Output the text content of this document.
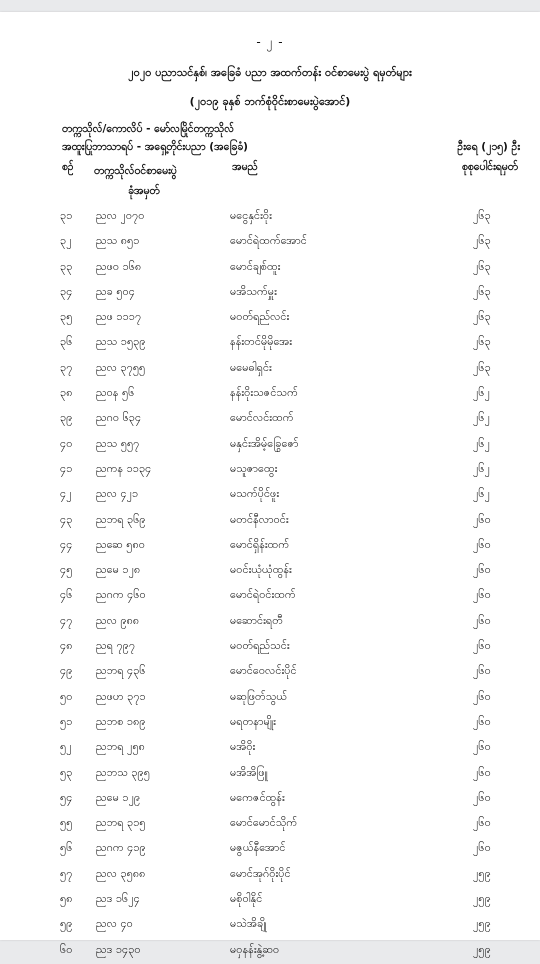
- ၂ -
၂၀၂၀ ပညာသင်နှစ်၊ အခြေခံ ပညာ အထက်တန်း ဝင်စာမေးပွဲ ရမှတ်များ
(၂၀၁၉ ခုနှစ် ဘက်စုံဝိုင်းစာမေးပွဲအောင်)
တက္ကသိုလ်/ကောလိပ် - မော်လမြိုင်တက္ကသိုလ်
အထူးပြုဘာသာရပ် - အရှေ့တိုင်းပညာ (အခြေခံ)	ဦးရေ (၂၁၅) ဦး
စဉ် တက္ကသိုလ်ဝင်စာမေးပွဲ
ခုံအမှတ်
အမည်	စုစုပေါင်းရမှတ်
၃၁	ညလ ၂၀၇၀	မငွေနှင်းဝိုး	၂၆၃
၃၂	ညသ ၈၅၁	မောင်ရဲထက်အောင်	၂၆၃
၃၃	ညဖ၀ ၁၆၈	မောင်ချစ်ထူး	၂၆၃
၃၄	ညခ ၅၀၄	မအိသက်မှူး	၂၆၃
၃၅	ညဖ ၁၁၁၇	မဝတ်ရည်လင်း	၂၆၃
၃၆	ညသ ၁၅၃၉	နန်းတင်မိုမိုအေး	၂၆၃
၃၇	ညလ ၃၇၅၅	မမေဓါရှင်း	၂၆၃
၃၈	ညဝန ၅၆	နန်းဝိုးသဇင်သက်	၂၆၂
၃၉	ညဂ၀ ၆၃၄	မောင်လင်းထက်	၂၆၂
၄၀	ညသ ၅၅၇	မနှင်းအိမ့်ခြွေဇော်	၂၆၂
၄၁	ညကန ၁၁၃၄	မသူဇာထွေး	၂၆၂
၄၂	ညလ ၄၂၁	မသက်ပိုင်ဖူး	၂၆၂
၄၃	ညဘရ ၃၆၉	မတင်နီလာဝင်း	၂၆၀
၄၄	ညဆေ ၅၈၀	မောင်ရှိန်းထက်	၂၆၀
၄၅	ညမေ ၁၂၈	မဝင်းယုံယုံထွန်း	၂၆၀
၄၆	ညဂက ၄၆၀	မောင်ရဲဝင်းထက်	၂၆၀
၄၇	ညလ ၉၈၈	မဆောင်းရတီ	၂၆၀
၄၈	ညရ ၇၉၇	မဝတ်ရည်သင်း	၂၆၀
၄၉	ညဘရ ၄၃၆	မောင်ဝေလင်းပိုင်	၂၆၀
၅၀	ညဖဟ ၃၇၁	မဆုဖြတ်သွယ်	၂၆၀
၅၁	ညဘစ ၁၈၉	မရတနာမျိုး	၂၆၀
၅၂	ညဘရ ၂၅၈	မအိဝိုး	၂၆၀
၅၃	ညဘသ ၃၉၅	မအိအိဖြူ	၂၆၀
၅၄	ညမေ ၁၂၉	မကေဇင်ထွန်း	၂၆၀
၅၅	ညဘရ ၃၁၅	မောင်မောင်သိုက်	၂၆၀
၅၆	ညဂက ၄၁၉	မဇွယ်နီအောင်	၂၆၀
၅၇	ညလ ၃၅၈၈	မောင်အုဂ်ဝိုးပိုင်	၂၅၉
၅၈	ညဒ ၁၆၂၄	မစိုဝါနိုင်	၂၅၉
၅၉	ညလ ၄၀	မသဲအိချို	၂၅၉
၆၀	ညဒ ၁၄၃၀	မဝှနန်းနွဲ့ဆဝ	၂၅၉
